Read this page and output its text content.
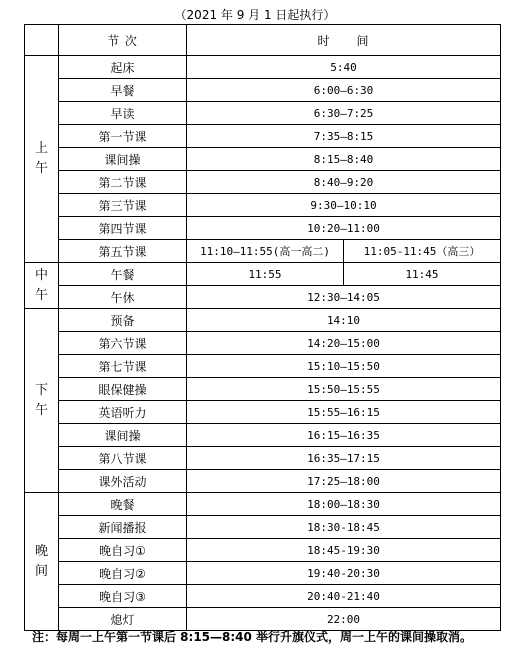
（2021 年 9 月 1 日起执行）
	节 次	时　　间	

上
午	起床	5:40	
	早餐	6:00—6:30	
	早读	6:30—7:25	
	第一节课	7:35—8:15	
	课间操	8:15—8:40	
	第二节课	8:40—9:20	
	第三节课	9:30—10:10	
	第四节课	10:20—11:00	
	第五节课	11:10—11:55(高一高二)	11:05-11:45（高三）

中
午	午餐	11:55	11:45
	午休	12:30—14:05	

下
午	预备	14:10	
	第六节课	14:20—15:00	
	第七节课	15:10—15:50	
	眼保健操	15:50—15:55	
	英语听力	15:55—16:15	
	课间操	16:15—16:35	
	第八节课	16:35—17:15	
	课外活动	17:25—18:00	

晚
间	晚餐	18:00—18:30	
	新闻播报	18:30-18:45	
	晚自习①	18:45-19:30	
	晚自习②	19:40-20:30	
	晚自习③	20:40-21:40	
	熄灯	22:00	
注：每周一上午第一节课后 8:15—8:40 举行升旗仪式，周一上午的课间操取消。
